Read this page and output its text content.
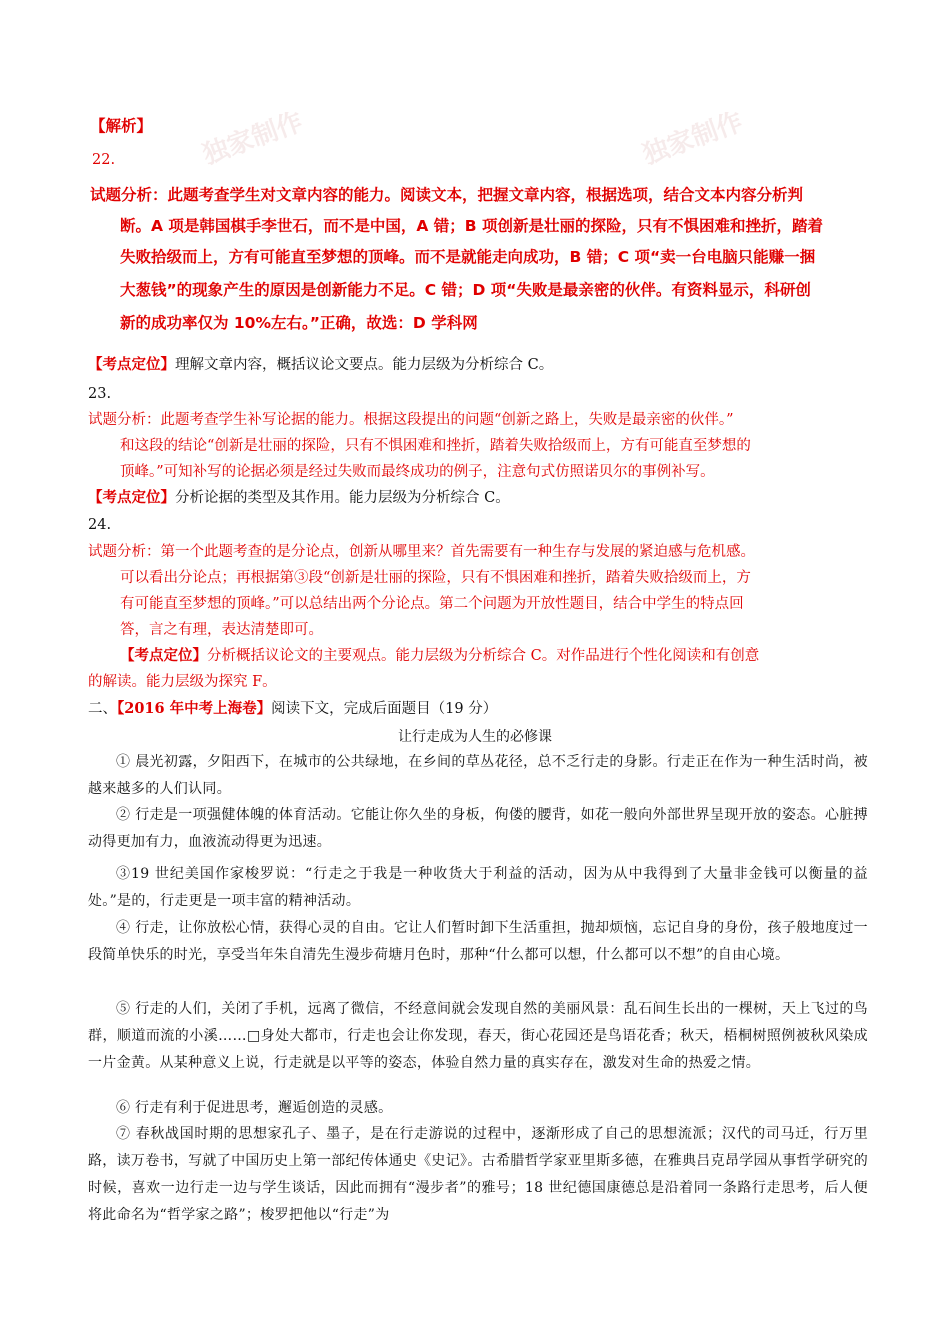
独家制作	独家制作
【解析】
22.
试题分析：此题考查学生对文章内容的能力。阅读文本，把握文章内容，根据选项，结合文本内容分析判
断。A 项是韩国棋手李世石，而不是中国，A 错；B 项创新是壮丽的探险，只有不惧困难和挫折，踏着
失败拾级而上，方有可能直至梦想的顶峰。而不是就能走向成功，B 错；C 项“卖一台电脑只能赚一捆
大葱钱”的现象产生的原因是创新能力不足。C 错；D 项“失败是最亲密的伙伴。有资料显示，科研创
新的成功率仅为 10%左右。”正确，故选：D 学科网
【考点定位】理解文章内容，概括议论文要点。能力层级为分析综合 C。
23.
试题分析：此题考查学生补写论据的能力。根据这段提出的问题“创新之路上，失败是最亲密的伙伴。”
和这段的结论“创新是壮丽的探险，只有不惧困难和挫折，踏着失败拾级而上，方有可能直至梦想的
顶峰。”可知补写的论据必须是经过失败而最终成功的例子，注意句式仿照诺贝尔的事例补写。
【考点定位】分析论据的类型及其作用。能力层级为分析综合 C。
24.
试题分析：第一个此题考查的是分论点，创新从哪里来？首先需要有一种生存与发展的紧迫感与危机感。
可以看出分论点；再根据第③段“创新是壮丽的探险，只有不惧困难和挫折，踏着失败拾级而上，方
有可能直至梦想的顶峰。”可以总结出两个分论点。第二个问题为开放性题目，结合中学生的特点回
答，言之有理，表达清楚即可。
【考点定位】分析概括议论文的主要观点。能力层级为分析综合 C。对作品进行个性化阅读和有创意
的解读。能力层级为探究 F。
二、【2016 年中考上海卷】阅读下文，完成后面题目（19 分）
让行走成为人生的必修课
① 晨光初露，夕阳西下，在城市的公共绿地，在乡间的草丛花径，总不乏行走的身影。行走正在作为一种生活时尚，被越来越多的人们认同。
② 行走是一项强健体魄的体育活动。它能让你久坐的身板，佝偻的腰背，如花一般向外部世界呈现开放的姿态。心脏搏动得更加有力，血液流动得更为迅速。
③19 世纪美国作家梭罗说：“行走之于我是一种收货大于利益的活动，因为从中我得到了大量非金钱可以衡量的益处。”是的，行走更是一项丰富的精神活动。
④ 行走，让你放松心情，获得心灵的自由。它让人们暂时卸下生活重担，抛却烦恼，忘记自身的身份，孩子般地度过一段简单快乐的时光，享受当年朱自清先生漫步荷塘月色时，那种“什么都可以想，什么都可以不想”的自由心境。
⑤ 行走的人们，关闭了手机，远离了微信，不经意间就会发现自然的美丽风景：乱石间生长出的一棵树，天上飞过的鸟群，顺道而流的小溪……□身处大都市，行走也会让你发现，春天，街心花园还是鸟语花香；秋天，梧桐树照例被秋风染成一片金黄。从某种意义上说，行走就是以平等的姿态，体验自然力量的真实存在，激发对生命的热爱之情。
⑥ 行走有利于促进思考，邂逅创造的灵感。
⑦ 春秋战国时期的思想家孔子、墨子，是在行走游说的过程中，逐渐形成了自己的思想流派；汉代的司马迁，行万里路，读万卷书，写就了中国历史上第一部纪传体通史《史记》。古希腊哲学家亚里斯多德，在雅典吕克昂学园从事哲学研究的时候，喜欢一边行走一边与学生谈话，因此而拥有“漫步者”的雅号；18 世纪德国康德总是沿着同一条路行走思考，后人便将此命名为“哲学家之路”；梭罗把他以“行走”为
